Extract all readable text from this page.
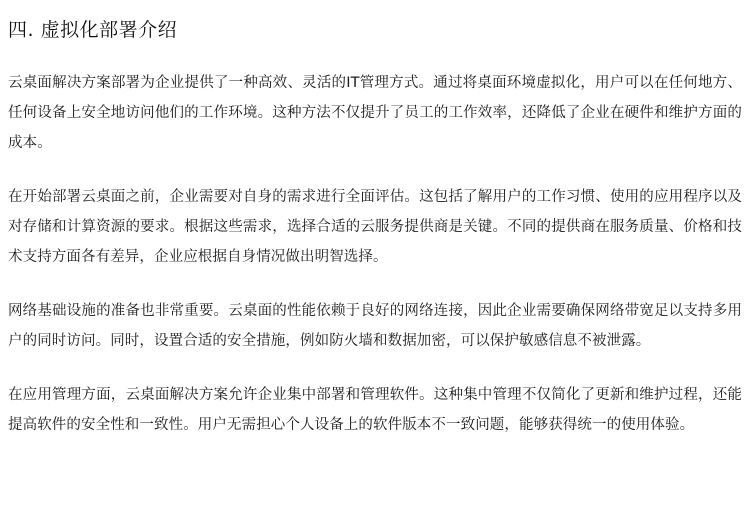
四. 虚拟化部署介绍

云桌面解决方案部署为企业提供了一种高效、灵活的IT管理方式。通过将桌面环境虚拟化，用户可以在任何地方、任何设备上安全地访问他们的工作环境。这种方法不仅提升了员工的工作效率，还降低了企业在硬件和维护方面的成本。

在开始部署云桌面之前，企业需要对自身的需求进行全面评估。这包括了解用户的工作习惯、使用的应用程序以及对存储和计算资源的要求。根据这些需求，选择合适的云服务提供商是关键。不同的提供商在服务质量、价格和技术支持方面各有差异，企业应根据自身情况做出明智选择。

网络基础设施的准备也非常重要。云桌面的性能依赖于良好的网络连接，因此企业需要确保网络带宽足以支持多用户的同时访问。同时，设置合适的安全措施，例如防火墙和数据加密，可以保护敏感信息不被泄露。

在应用管理方面，云桌面解决方案允许企业集中部署和管理软件。这种集中管理不仅简化了更新和维护过程，还能提高软件的安全性和一致性。用户无需担心个人设备上的软件版本不一致问题，能够获得统一的使用体验。
